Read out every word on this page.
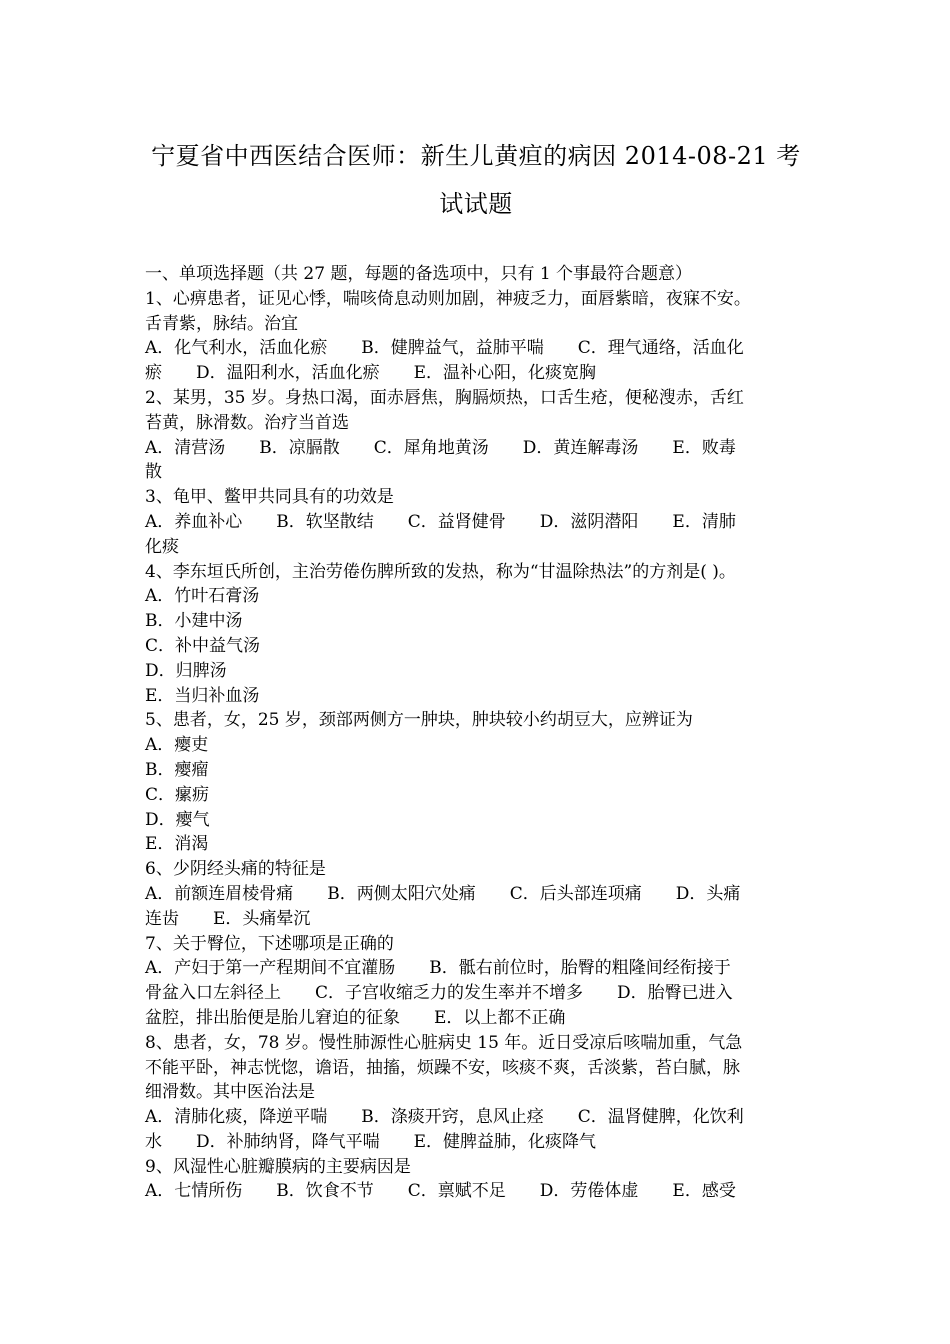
宁夏省中西医结合医师：新生儿黄疸的病因 2014-08-21 考
试试题
一、单项选择题（共 27 题，每题的备选项中，只有 1 个事最符合题意）
1、心痹患者，证见心悸，喘咳倚息动则加剧，神疲乏力，面唇紫暗，夜寐不安。
舌青紫，脉结。治宜
A．化气利水，活血化瘀　　B．健脾益气，益肺平喘　　C．理气通络，活血化
瘀　　D．温阳利水，活血化瘀　　E．温补心阳，化痰宽胸
2、某男，35 岁。身热口渴，面赤唇焦，胸膈烦热，口舌生疮，便秘溲赤，舌红
苔黄，脉滑数。治疗当首选
A．清营汤　　B．凉膈散　　C．犀角地黄汤　　D．黄连解毒汤　　E．败毒
散
3、龟甲、鳖甲共同具有的功效是
A．养血补心　　B．软坚散结　　C．益肾健骨　　D．滋阴潜阳　　E．清肺
化痰
4、李东垣氏所创，主治劳倦伤脾所致的发热，称为“甘温除热法”的方剂是( )。
A．竹叶石膏汤
B．小建中汤
C．补中益气汤
D．归脾汤
E．当归补血汤
5、患者，女，25 岁，颈部两侧方一肿块，肿块较小约胡豆大，应辨证为
A．瘿吏
B．瘿瘤
C．瘰疬
D．瘿气
E．消渴
6、少阴经头痛的特征是
A．前额连眉棱骨痛　　B．两侧太阳穴处痛　　C．后头部连项痛　　D．头痛
连齿　　E．头痛晕沉
7、关于臀位，下述哪项是正确的
A．产妇于第一产程期间不宜灌肠　　B．骶右前位时，胎臀的粗隆间经衔接于
骨盆入口左斜径上　　C．子宫收缩乏力的发生率并不增多　　D．胎臀已进入
盆腔，排出胎便是胎儿窘迫的征象　　E．以上都不正确
8、患者，女，78 岁。慢性肺源性心脏病史 15 年。近日受凉后咳喘加重，气急
不能平卧，神志恍惚，谵语，抽搐，烦躁不安，咳痰不爽，舌淡紫，苔白腻，脉
细滑数。其中医治法是
A．清肺化痰，降逆平喘　　B．涤痰开窍，息风止痉　　C．温肾健脾，化饮利
水　　D．补肺纳肾，降气平喘　　E．健脾益肺，化痰降气
9、风湿性心脏瓣膜病的主要病因是
A．七情所伤　　B．饮食不节　　C．禀赋不足　　D．劳倦体虚　　E．感受
